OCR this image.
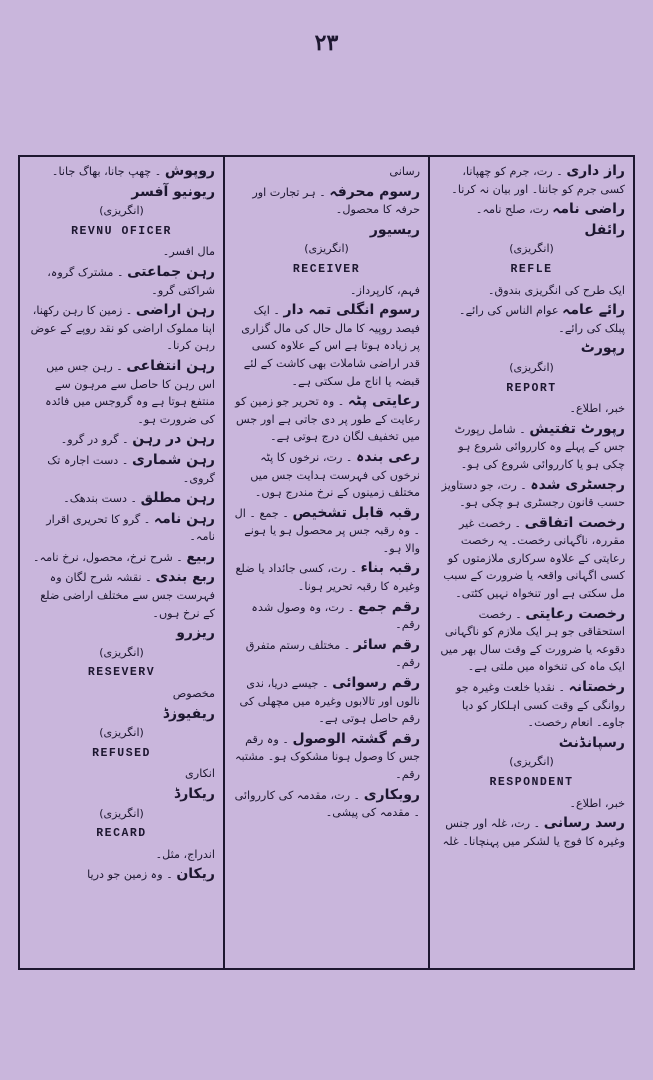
۲۳
راز داری ۔ رت، جرم کو چھپانا، کسی جرم کو جاننا۔ اور بیان نہ کرنا۔
راضی نامہ رت، صلح نامہ۔
رائفل
(انگریزی)
REFLE
ایک طرح کی انگریزی بندوق۔
رائے عامہ عوام الناس کی رائے۔ پبلک کی رائے۔
رپورٹ
(انگریزی)
REPORT
خبر، اطلاع۔
رپورٹ تفتیش ۔ شامل رپورٹ جس کے پہلے وہ کارروائی شروع ہو چکی ہو یا کارروائی شروع کی ہو۔
رجسٹری شدہ ۔ رت، جو دستاویز حسب قانون رجسٹری ہو چکی ہو۔
رخصت اتفاقی ۔ رخصت غیر مقررہ، ناگہانی رخصت۔ یہ رخصت رعایتی کے علاوہ سرکاری ملازمتوں کو کسی اگہانی واقعہ یا ضرورت کے سبب مل سکتی ہے اور تنخواہ نہیں کٹتی۔
رخصت رعایتی ۔ رخصت استحقاقی جو ہر ایک ملازم کو ناگہانی دقوعہ یا ضرورت کے وقت سال بھر میں ایک ماہ کی تنخواہ میں ملتی ہے۔
رخصتانہ ۔ نقدیا خلعت وغیرہ جو روانگی کے وقت کسی اہلکار کو دیا جاوے۔ انعام رخصت۔
رسپانڈنٹ
(انگریزی)
RESPONDENT
خبر، اطلاع۔
رسد رسانی ۔ رت، غلہ اور جنس وغیرہ کا فوج یا لشکر میں پہنچانا۔ غلہ
رسانی
رسوم محرفہ ۔ ہر تجارت اور حرفہ کا محصول۔
ریسیور
(انگریزی)
RECEIVER
فہم، کارپرداز۔
رسوم انگلی تمہ دار ۔ ایک فیصد روپیہ کا مال حال کی مال گزاری پر زیادہ ہوتا ہے اس کے علاوہ کسی قدر اراضی شاملات بھی کاشت کے لئے قبضہ یا اناج مل سکتی ہے۔
رعایتی پٹہ ۔ وہ تحریر جو زمین کو رعایت کے طور پر دی جاتی ہے اور جس میں تخفیف لگان درج ہوتی ہے۔
رعی بندہ ۔ رت، نرخوں کا پٹہ نرخوں کی فہرست ہدایت جس میں مختلف زمینوں کے نرخ مندرج ہوں۔
رقبہ قابل تشخیص ۔ جمع ۔ ال ۔ وہ رقبہ جس پر محصول ہو یا ہونے والا ہو۔
رقبہ بناء ۔ رت، کسی جائداد یا ضلع وغیرہ کا رقبہ تحریر ہونا۔
رقم جمع ۔ رت، وہ وصول شدہ رقم۔
رقم سائر ۔ مختلف رستم متفرق رقم۔
رقم رسوائی ۔ جیسے دریا، ندی نالوں اور تالابوں وغیرہ میں مچھلی کی رقم حاصل ہوتی ہے۔
رقم گشتہ الوصول ۔ وہ رقم جس کا وصول ہونا مشکوک ہو۔ مشتبہ رقم۔
روبکاری ۔ رت، مقدمہ کی کارروائی ۔ مقدمہ کی پیشی۔
روپوش ۔ چھپ جانا، بھاگ جانا۔
ریونیو آفسر
(انگریزی)
REVNU OFICER
مال افسر۔
رہن جماعتی ۔ مشترک گروہ، شراکتی گرو۔
رہن اراضی ۔ زمین کا رہن رکھنا، اپنا مملوک اراضی کو نقد روپے کے عوض رہن کرنا۔
رہن انتفاعی ۔ رہن جس میں اس رہن کا حاصل سے مرہون سے منتفع ہوتا ہے وہ گروجس میں فائدہ کی ضرورت ہو۔
رہن در رہن ۔ گرو در گرو۔
رہن شماری ۔ دست اجارہ تک گروی۔
رہن مطلق ۔ دست بندھک۔
رہن نامہ ۔ گرو کا تحریری اقرار نامہ۔
ربیع ۔ شرح نرخ، محصول، نرخ نامہ۔
ربع بندی ۔ نقشہ شرح لگان وہ فہرست جس سے مختلف اراضی ضلع کے نرخ ہوں۔
ریزرو
(انگریزی)
RESEVERV
مخصوص
ریفیوزڈ
(انگریزی)
REFUSED
انکاری
ریکارڈ
(انگریزی)
RECARD
اندراج، مثل۔
ریکان ۔ وہ زمین جو دریا
